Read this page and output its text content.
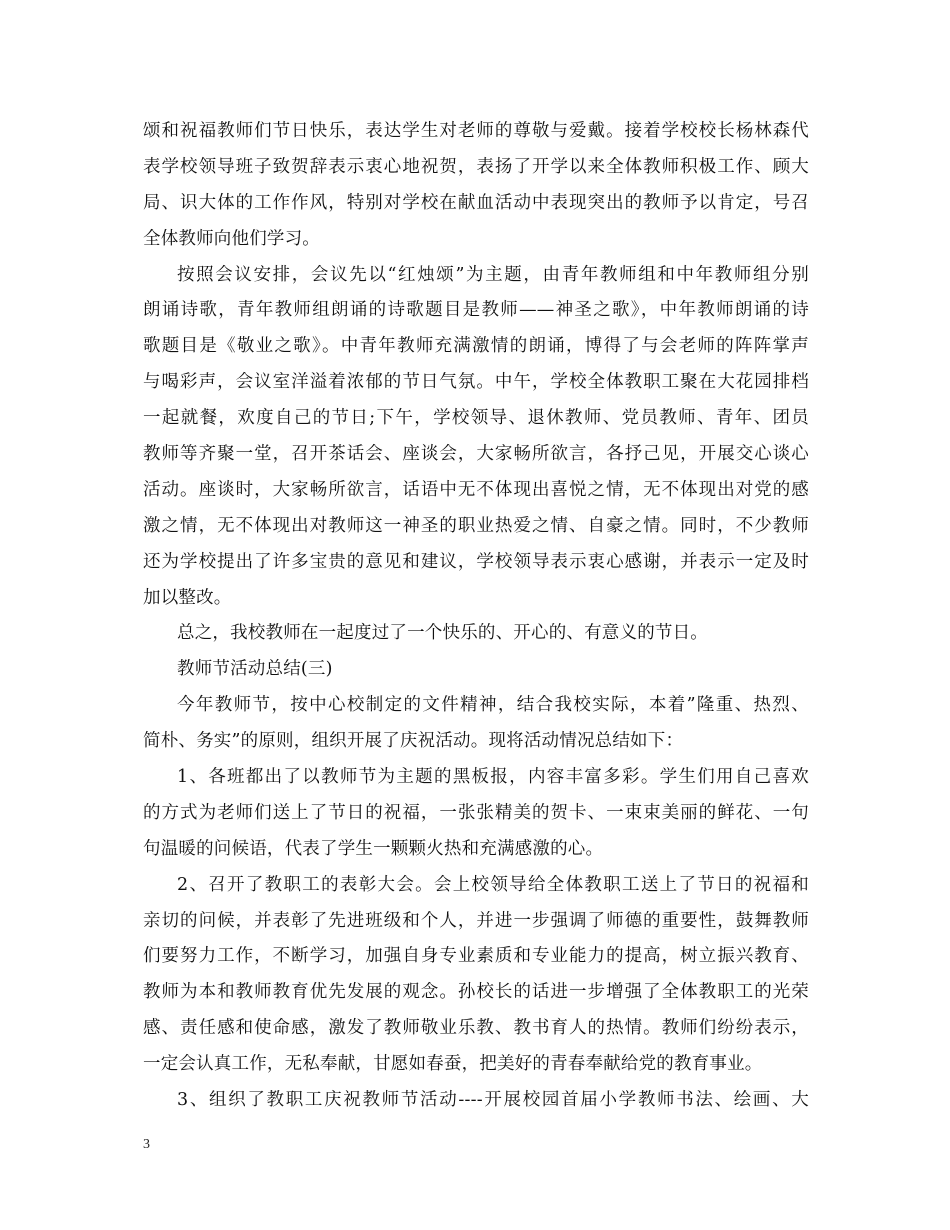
颂和祝福教师们节日快乐，表达学生对老师的尊敬与爱戴。接着学校校长杨林森代
表学校领导班子致贺辞表示衷心地祝贺，表扬了开学以来全体教师积极工作、顾大
局、识大体的工作作风，特别对学校在献血活动中表现突出的教师予以肯定，号召
全体教师向他们学习。
按照会议安排，会议先以“红烛颂”为主题，由青年教师组和中年教师组分别
朗诵诗歌，青年教师组朗诵的诗歌题目是教师——神圣之歌》，中年教师朗诵的诗
歌题目是《敬业之歌》。中青年教师充满激情的朗诵，博得了与会老师的阵阵掌声
与喝彩声，会议室洋溢着浓郁的节日气氛。中午，学校全体教职工聚在大花园排档
一起就餐，欢度自己的节日;下午，学校领导、退休教师、党员教师、青年、团员
教师等齐聚一堂，召开茶话会、座谈会，大家畅所欲言，各抒己见，开展交心谈心
活动。座谈时，大家畅所欲言，话语中无不体现出喜悦之情，无不体现出对党的感
激之情，无不体现出对教师这一神圣的职业热爱之情、自豪之情。同时，不少教师
还为学校提出了许多宝贵的意见和建议，学校领导表示衷心感谢，并表示一定及时
加以整改。
总之，我校教师在一起度过了一个快乐的、开心的、有意义的节日。
教师节活动总结(三)
今年教师节，按中心校制定的文件精神，结合我校实际，本着”隆重、热烈、
简朴、务实”的原则，组织开展了庆祝活动。现将活动情况总结如下：
1、各班都出了以教师节为主题的黑板报，内容丰富多彩。学生们用自己喜欢
的方式为老师们送上了节日的祝福，一张张精美的贺卡、一束束美丽的鲜花、一句
句温暖的问候语，代表了学生一颗颗火热和充满感激的心。
2、召开了教职工的表彰大会。会上校领导给全体教职工送上了节日的祝福和
亲切的问候，并表彰了先进班级和个人，并进一步强调了师德的重要性，鼓舞教师
们要努力工作，不断学习，加强自身专业素质和专业能力的提高，树立振兴教育、
教师为本和教师教育优先发展的观念。孙校长的话进一步增强了全体教职工的光荣
感、责任感和使命感，激发了教师敬业乐教、教书育人的热情。教师们纷纷表示，
一定会认真工作，无私奉献，甘愿如春蚕，把美好的青春奉献给党的教育事业。
3、组织了教职工庆祝教师节活动----开展校园首届小学教师书法、绘画、大
3
